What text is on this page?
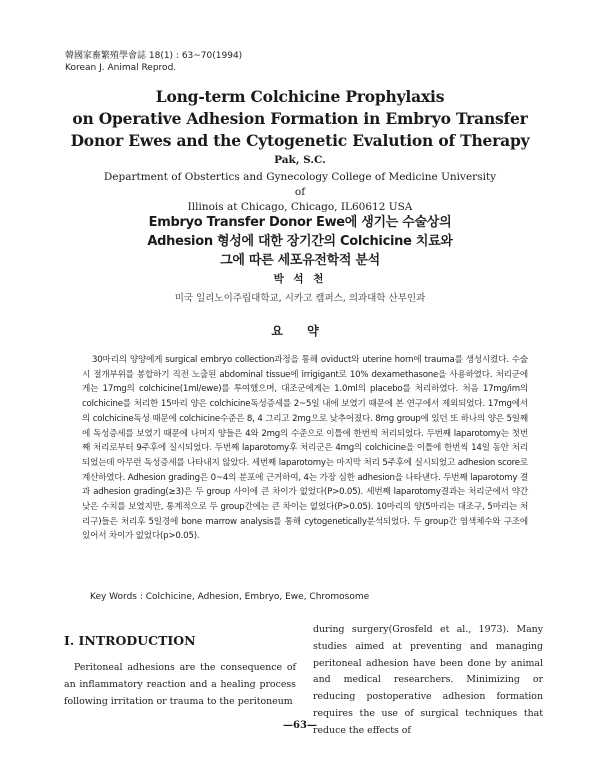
韓國家畜繁殖學會誌 18(1) : 63~70(1994)
Korean J. Animal Reprod.
Long-term Colchicine Prophylaxis
on Operative Adhesion Formation in Embryo Transfer
Donor Ewes and the Cytogenetic Evalution of Therapy
Pak, S.C.
Department of Obstertics and Gynecology College of Medicine University of
Illinois at Chicago, Chicago, IL60612 USA
Embryo Transfer Donor Ewe에 생기는 수술상의
Adhesion 형성에 대한 장기간의 Colchicine 치료와
그에 따른 세포유전학적 분석
박 석 천
미국 일리노이주립대학교, 시카고 캠퍼스, 의과대학 산부인과
요 약
30마리의 양양에게 surgical embryo collection과정을 통해 oviduct와 uterine horn에 trauma를 생성시켰다. 수술시 절개부위를 봉합하기 직전 노출된 abdominal tissue에 irrigigant로 10% dexamethasone을 사용하였다. 처리군에게는 17mg의 colchicine(1ml/ewe)를 투여했으며, 대조군에게는 1.0ml의 placebo를 처리하였다. 처음 17mg/im의 colchicine를 처리한 15마리 양은 colchicine독성증세를 2~5일 내에 보였기 때문에 본 연구에서 제외되었다. 17mg에서의 colchicine독성 때문에 colchicine수준은 8, 4 그리고 2mg으로 낮추어졌다. 8mg group에 있던 또 하나의 양은 5일째에 독성증세를 보였기 때문에 나머지 양들은 4와 2mg의 수준으로 이틀에 한번씩 처리되었다. 두번째 laparotomy는 첫번째 처리로부터 9주후에 실시되었다. 두번째 laparotomy후 처리군은 4mg의 colchicine을 이틀에 한번씩 14일 동안 처리되었는데 아무런 독성증세를 나타내지 않았다. 세번째 laparotomy는 마지막 처리 5주후에 실시되었고 adhesion score로 계산하였다. Adhesion grading은 0~4의 분포에 근거하여, 4는 가장 심한 adhesion을 나타낸다. 두번째 laparotomy 결과 adhesion grading(≥3)은 두 group 사이에 큰 차이가 없었다(P>0.05). 세번째 laparotomy결과는 처리군에서 약간 낮은 수치를 보였지만, 통계적으로 두 group간에는 큰 차이는 없었다(P>0.05). 10마리의 양(5마리는 대조구, 5마리는 처리구)들은 처리후 5일경에 bone marrow analysis를 통해 cytogenetically분석되었다. 두 group간 염색체수와 구조에 있어서 차이가 없었다(p>0.05).
Key Words : Colchicine, Adhesion, Embryo, Ewe, Chromosome
Ⅰ. INTRODUCTION
Peritoneal adhesions are the consequence of an inflammatory reaction and a healing process following irritation or trauma to the peritoneum
during surgery(Grosfeld et al., 1973). Many studies aimed at preventing and managing peritoneal adhesion have been done by animal and medical researchers. Minimizing or reducing postoperative adhesion formation requires the use of surgical techniques that reduce the effects of
—63—
